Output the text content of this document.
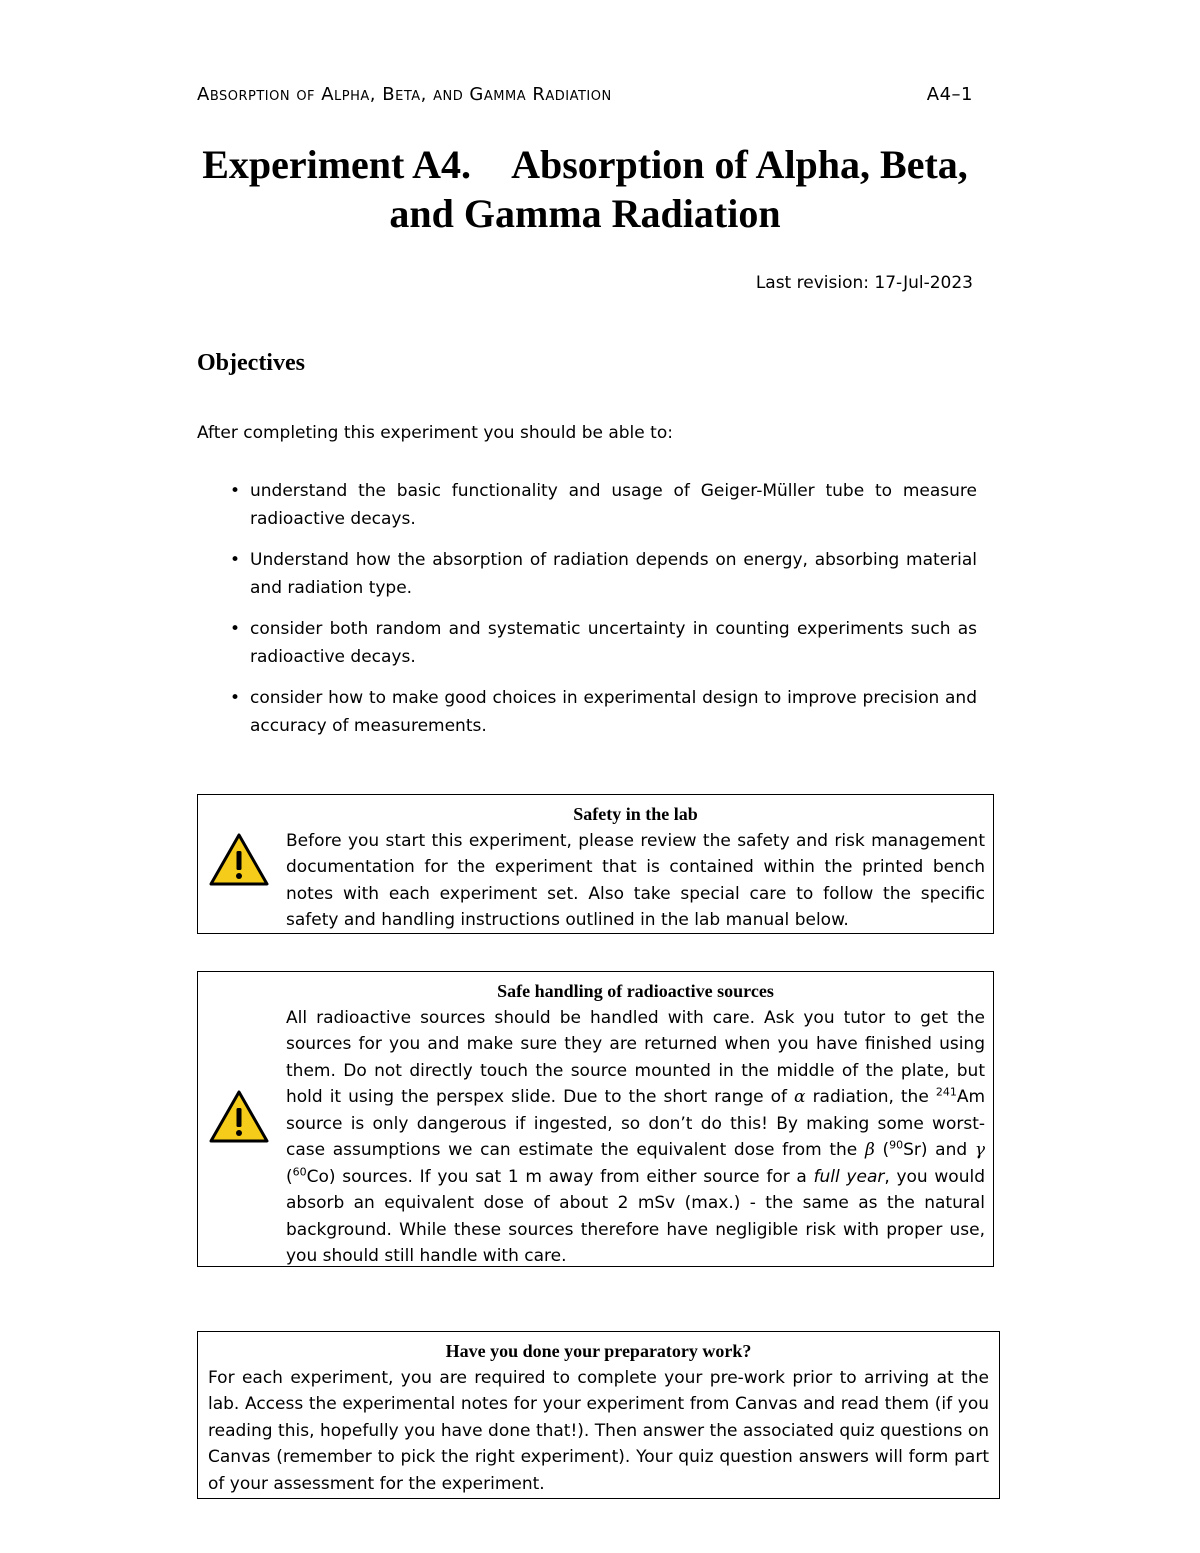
Absorption of Alpha, Beta, and Gamma Radiation	A4–1
Experiment A4. Absorption of Alpha, Beta,
and Gamma Radiation
Last revision: 17-Jul-2023
Objectives
After completing this experiment you should be able to:
• understand the basic functionality and usage of Geiger-Müller tube to measure radioactive decays.
• Understand how the absorption of radiation depends on energy, absorbing material and radiation type.
• consider both random and systematic uncertainty in counting experiments such as radioactive decays.
• consider how to make good choices in experimental design to improve precision and accuracy of measurements.
Safety in the lab

Before you start this experiment, please review the safety and risk management documentation for the experiment that is contained within the printed bench notes with each experiment set. Also take special care to follow the specific safety and handling instructions outlined in the lab manual below.

Safe handling of radioactive sources

All radioactive sources should be handled with care. Ask you tutor to get the sources for you and make sure they are returned when you have finished using them. Do not directly touch the source mounted in the middle of the plate, but hold it using the perspex slide. Due to the short range of α radiation, the $^{241}$Am source is only dangerous if ingested, so don’t do this! By making some worst-case assumptions we can estimate the equivalent dose from the β ($^{90}$Sr) and γ ($^{60}$Co) sources. If you sat 1 m away from either source for a full year, you would absorb an equivalent dose of about 2 mSv (max.) - the same as the natural background. While these sources therefore have negligible risk with proper use, you should still handle with care.

Have you done your preparatory work?

For each experiment, you are required to complete your pre-work prior to arriving at the lab. Access the experimental notes for your experiment from Canvas and read them (if you reading this, hopefully you have done that!). Then answer the associated quiz questions on Canvas (remember to pick the right experiment). Your quiz question answers will form part of your assessment for the experiment.
